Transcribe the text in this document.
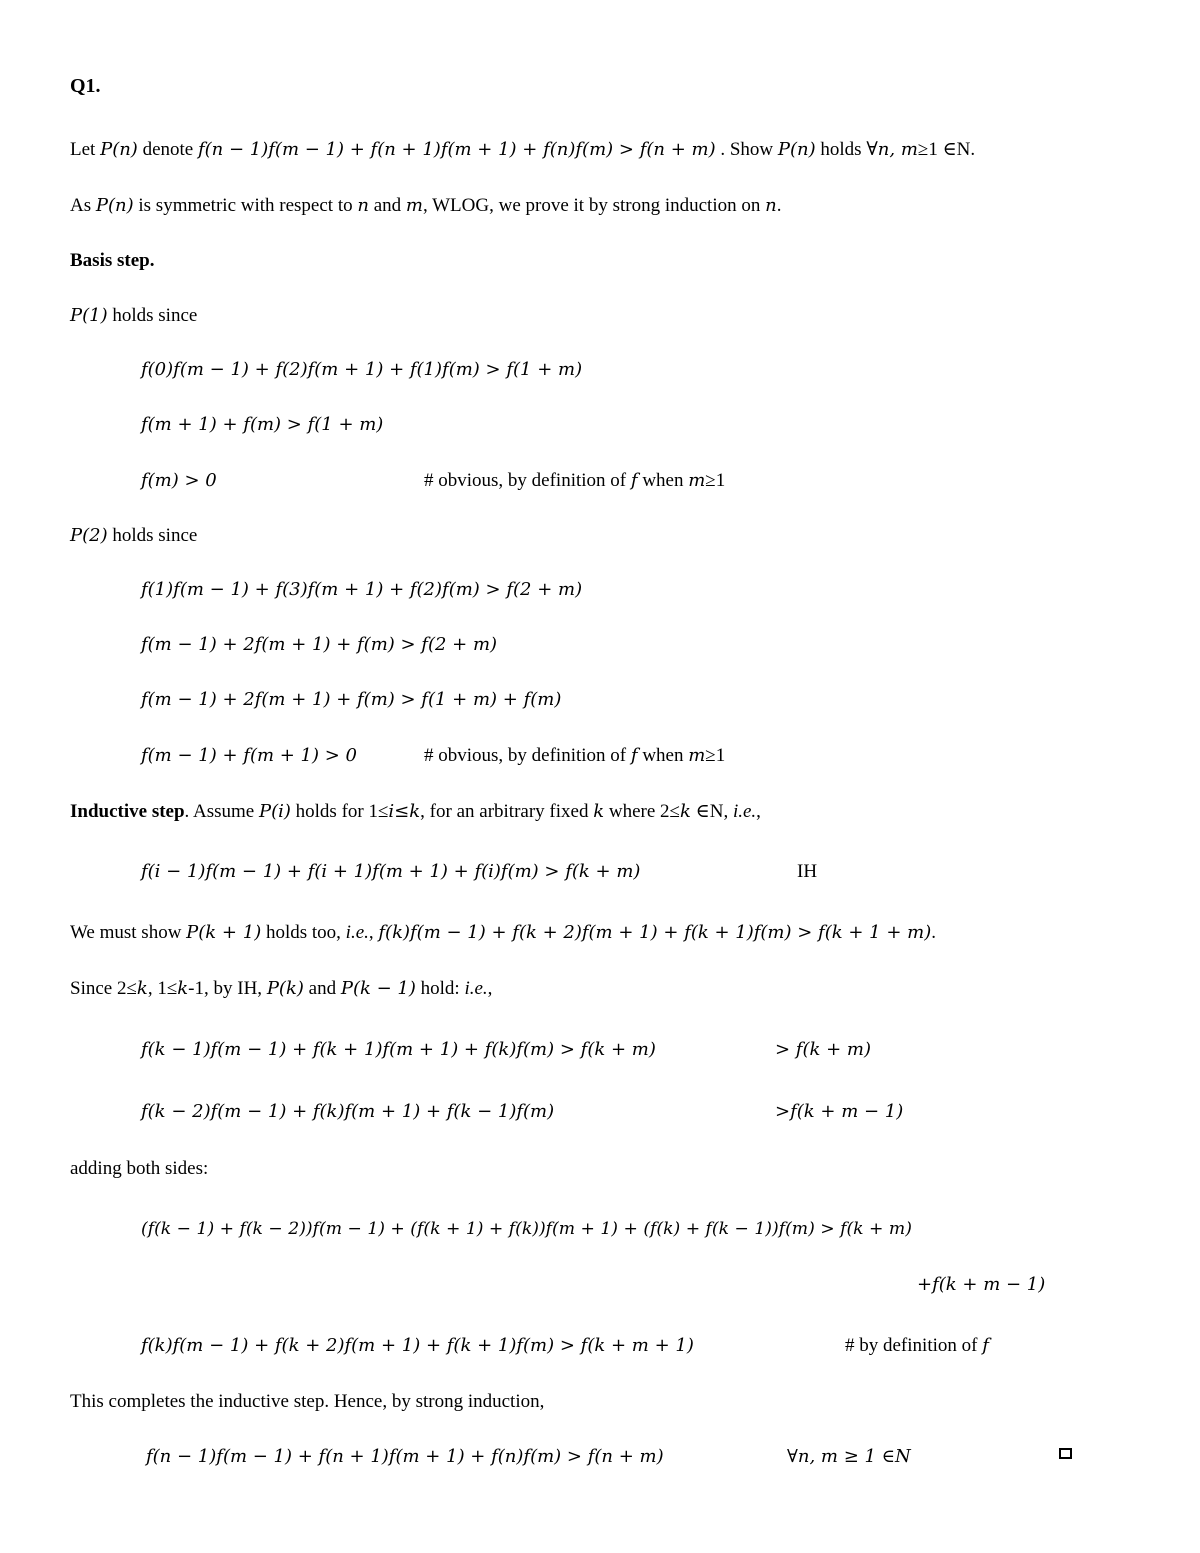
Q1.
Let P(n) denote f(n − 1)f(m − 1) + f(n + 1)f(m + 1) + f(n)f(m) > f(n + m) . Show P(n) holds ∀n, m≥1 ∈N.
As P(n) is symmetric with respect to n and m, WLOG, we prove it by strong induction on n.
Basis step.
P(1) holds since
f(0)f(m − 1) + f(2)f(m + 1) + f(1)f(m) > f(1 + m)
f(m + 1) + f(m) > f(1 + m)
f(m) > 0	# obvious, by definition of f when m≥1
P(2) holds since
f(1)f(m − 1) + f(3)f(m + 1) + f(2)f(m) > f(2 + m)
f(m − 1) + 2f(m + 1) + f(m) > f(2 + m)
f(m − 1) + 2f(m + 1) + f(m) > f(1 + m) + f(m)
f(m − 1) + f(m + 1) > 0	# obvious, by definition of f when m≥1
Inductive step. Assume P(i) holds for 1≤i≤k, for an arbitrary fixed k where 2≤k ∈N, i.e.,
f(i − 1)f(m − 1) + f(i + 1)f(m + 1) + f(i)f(m) > f(k + m)	IH
We must show P(k + 1) holds too, i.e., f(k)f(m − 1) + f(k + 2)f(m + 1) + f(k + 1)f(m) > f(k + 1 + m).
Since 2≤k, 1≤k-1, by IH, P(k) and P(k − 1) hold: i.e.,
f(k − 1)f(m − 1) + f(k + 1)f(m + 1) + f(k)f(m) > f(k + m)	> f(k + m)
f(k − 2)f(m − 1) + f(k)f(m + 1) + f(k − 1)f(m)	>f(k + m − 1)
adding both sides:
(f(k − 1) + f(k − 2))f(m − 1) + (f(k + 1) + f(k))f(m + 1) + (f(k) + f(k − 1))f(m) > f(k + m)
+f(k + m − 1)
f(k)f(m − 1) + f(k + 2)f(m + 1) + f(k + 1)f(m) > f(k + m + 1)	# by definition of f
This completes the inductive step. Hence, by strong induction,
f(n − 1)f(m − 1) + f(n + 1)f(m + 1) + f(n)f(m) > f(n + m)	∀n, m ≥ 1 ∈N
